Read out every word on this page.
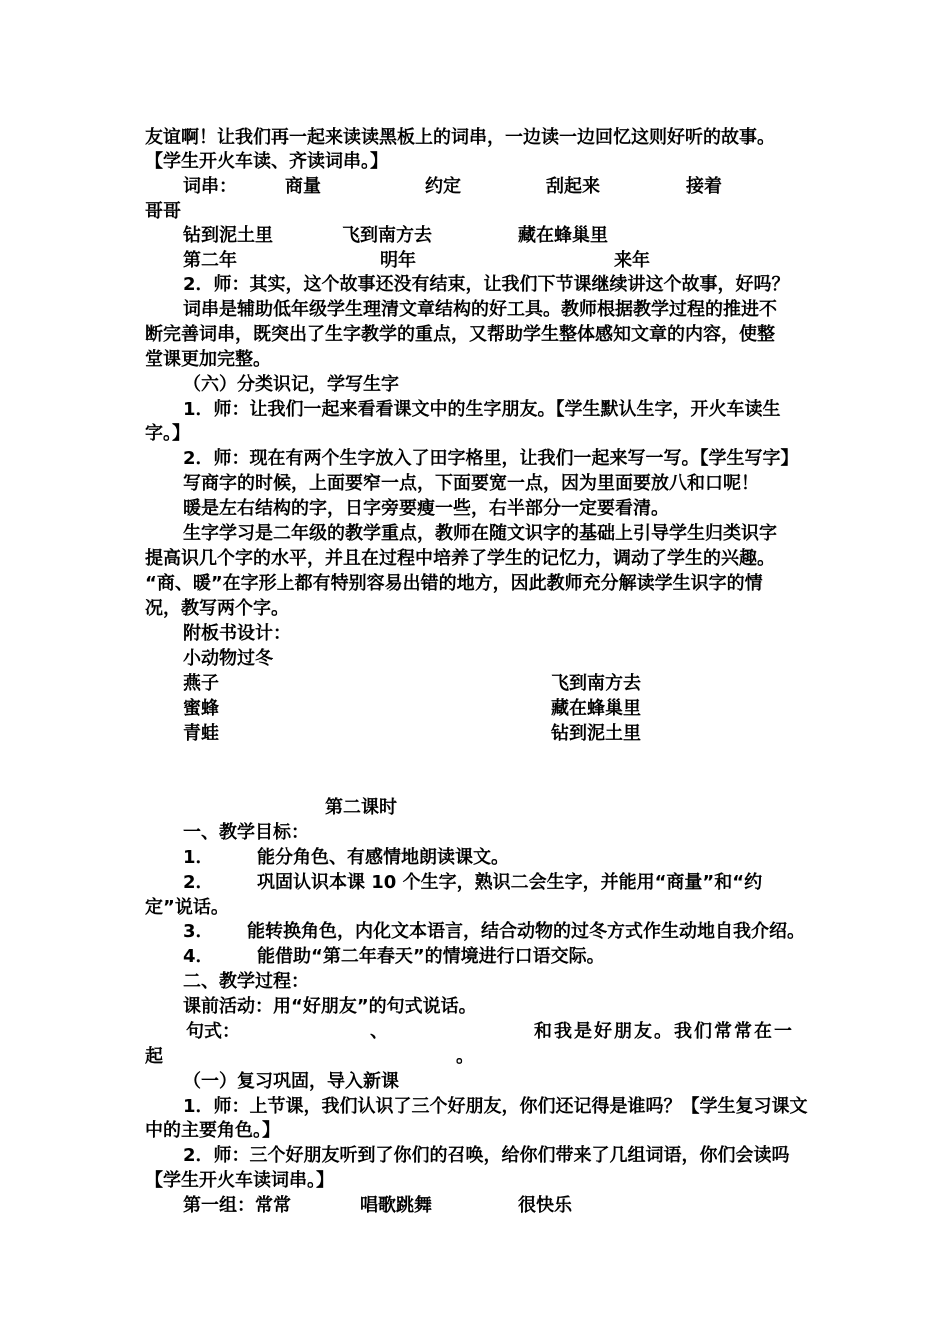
友谊啊！让我们再一起来读读黑板上的词串，一边读一边回忆这则好听的故事。
【学生开火车读、齐读词串。】
词串：	商量	约定	刮起来	接着
哥哥
钻到泥土里	飞到南方去	藏在蜂巢里
第二年	明年	来年
2．师：其实，这个故事还没有结束，让我们下节课继续讲这个故事，好吗？
词串是辅助低年级学生理清文章结构的好工具。教师根据教学过程的推进不
断完善词串，既突出了生字教学的重点，又帮助学生整体感知文章的内容，使整
堂课更加完整。
（六）分类识记，学写生字
1．师：让我们一起来看看课文中的生字朋友。【学生默认生字，开火车读生
字。】
2．师：现在有两个生字放入了田字格里，让我们一起来写一写。【学生写字】
写商字的时候，上面要窄一点，下面要宽一点，因为里面要放八和口呢！
暖是左右结构的字，日字旁要瘦一些，右半部分一定要看清。
生字学习是二年级的教学重点，教师在随文识字的基础上引导学生归类识字
提高识几个字的水平，并且在过程中培养了学生的记忆力，调动了学生的兴趣。
“商、暖”在字形上都有特别容易出错的地方，因此教师充分解读学生识字的情
况，教写两个字。
附板书设计：
小动物过冬
燕子	飞到南方去
蜜蜂	藏在蜂巢里
青蛙	钻到泥土里
第二课时
一、教学目标：
1． 能分角色、有感情地朗读课文。
2． 巩固认识本课 10 个生字，熟识二会生字，并能用“商量”和“约
定”说话。
3． 能转换角色，内化文本语言，结合动物的过冬方式作生动地自我介绍。
4． 能借助“第二年春天”的情境进行口语交际。
二、教学过程：
课前活动：用“好朋友”的句式说话。
句式：	、	和我是好朋友。我们常常在一
起	。
（一）复习巩固，导入新课
1．师：上节课，我们认识了三个好朋友，你们还记得是谁吗？【学生复习课文
中的主要角色。】
2．师：三个好朋友听到了你们的召唤，给你们带来了几组词语，你们会读吗
【学生开火车读词串。】
第一组：常常	唱歌跳舞	很快乐
